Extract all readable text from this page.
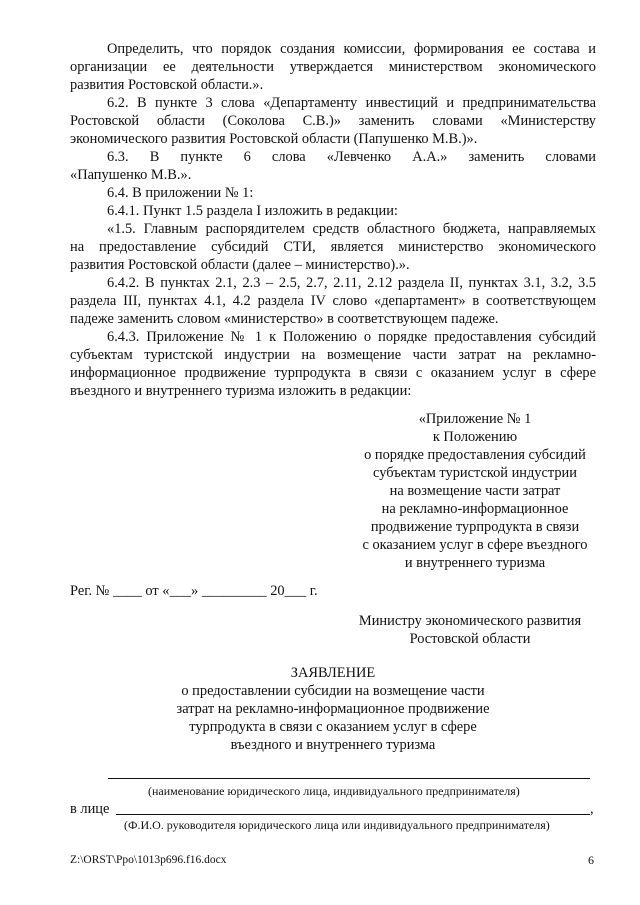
Определить, что порядок создания комиссии, формирования ее состава и
организации ее деятельности утверждается министерством экономического
развития Ростовской области.».
6.2. В пункте 3 слова «Департаменту инвестиций и предпринимательства
Ростовской области (Соколова С.В.)» заменить словами «Министерству
экономического развития Ростовской области (Папушенко М.В.)».
6.3. В пункте 6 слова «Левченко А.А.» заменить словами
«Папушенко М.В.».
6.4. В приложении № 1:
6.4.1. Пункт 1.5 раздела I изложить в редакции:
«1.5. Главным распорядителем средств областного бюджета, направляемых
на предоставление субсидий СТИ, является министерство экономического
развития Ростовской области (далее – министерство).».
6.4.2. В пунктах 2.1, 2.3 – 2.5, 2.7, 2.11, 2.12 раздела II, пунктах 3.1, 3.2, 3.5
раздела III, пунктах 4.1, 4.2 раздела IV слово «департамент» в соответствующем
падеже заменить словом «министерство» в соответствующем падеже.
6.4.3. Приложение № 1 к Положению о порядке предоставления субсидий
субъектам туристской индустрии на возмещение части затрат на рекламно-
информационное продвижение турпродукта в связи с оказанием услуг в сфере
въездного и внутреннего туризма изложить в редакции:
«Приложение № 1
к Положению
о порядке предоставления субсидий
субъектам туристской индустрии
на возмещение части затрат
на рекламно-информационное
продвижение турпродукта в связи
с оказанием услуг в сфере въездного
и внутреннего туризма
Рег. № ____ от «___» _________ 20___ г.
Министру экономического развития
Ростовской области
ЗАЯВЛЕНИЕ
о предоставлении субсидии на возмещение части
затрат на рекламно-информационное продвижение
турпродукта в связи с оказанием услуг в сфере
въездного и внутреннего туризма
(наименование юридического лица, индивидуального предпринимателя)
в лице	,
(Ф.И.О. руководителя юридического лица или индивидуального предпринимателя)
Z:\ORST\Ppo\1013p696.f16.docx	6
